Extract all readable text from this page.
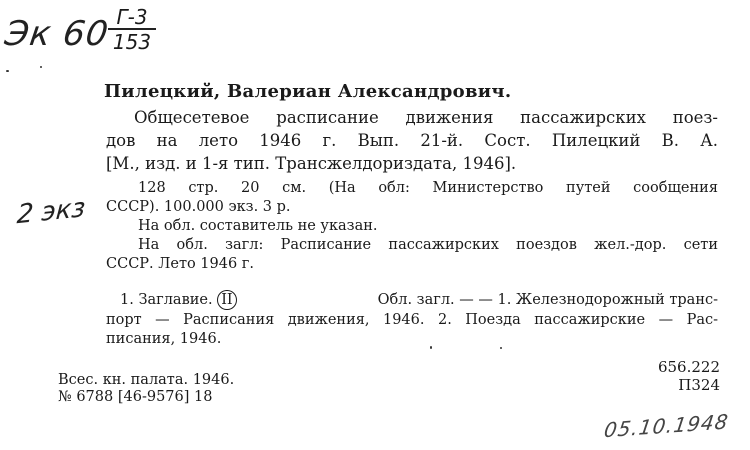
Эк 60 Г-3
153
2 экз
05.10.1948
Пилецкий, Валериан Александрович.
Общесетевое расписание движения пассажирских поез-
дов на лето 1946 г. Вып. 21-й. Сост. Пилецкий В. А.
[М., изд. и 1-я тип. Трансжелдориздата, 1946].
128 стр. 20 см. (На обл: Министерство путей сообщения
СССР). 100.000 экз. 3 р.
На обл. составитель не указан.
На обл. загл: Расписание пассажирских поездов жел.-дор. сети
СССР. Лето 1946 г.
1. Заглавие. II	Обл. загл. — — 1. Железнодорожный транс-
порт — Расписания движения, 1946. 2. Поезда пассажирские — Рас-
писания, 1946.
Всес. кн. палата. 1946.
№ 6788 [46-9576] 18
656.222
П324
